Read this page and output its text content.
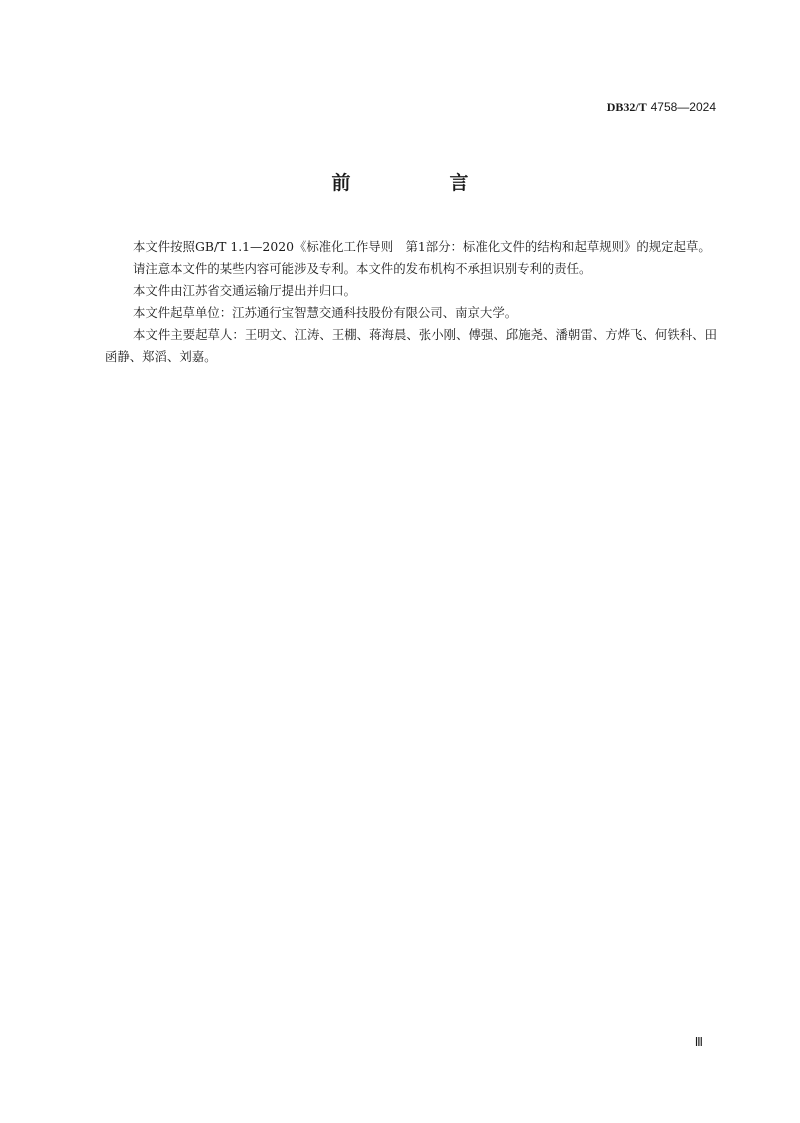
DB32/T 4758—2024
前　言

本文件按照GB/T 1.1—2020《标准化工作导则　第1部分：标准化文件的结构和起草规则》的规定起草。

请注意本文件的某些内容可能涉及专利。本文件的发布机构不承担识别专利的责任。

本文件由江苏省交通运输厅提出并归口。

本文件起草单位：江苏通行宝智慧交通科技股份有限公司、南京大学。

本文件主要起草人：王明文、江涛、王棚、蒋海晨、张小刚、傅强、邱施尧、潘朝雷、方烨飞、何铁科、田函静、郑滔、刘嘉。

Ⅲ
